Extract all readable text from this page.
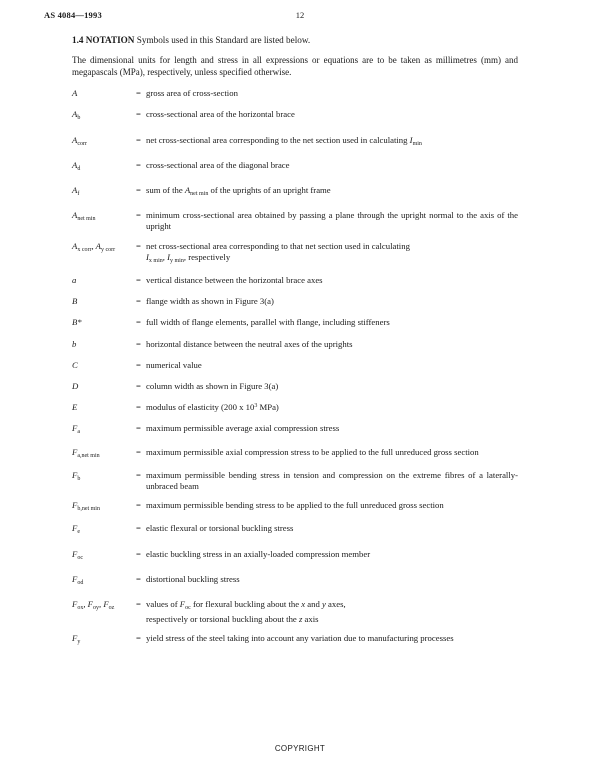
AS 4084—1993	12

1.4 NOTATION Symbols used in this Standard are listed below.

The dimensional units for length and stress in all expressions or equations are to be taken as millimetres (mm) and megapascals (MPa), respectively, unless specified otherwise.

A	= gross area of cross-section
$A_b$	= cross-sectional area of the horizontal brace
$A_{corr}$	= net cross-sectional area corresponding to the net section used in calculating $I_{min}$
$A_d$	= cross-sectional area of the diagonal brace
$A_f$	= sum of the $A_{net min}$ of the uprights of an upright frame
$A_{net min}$	= minimum cross-sectional area obtained by passing a plane through the upright normal to the axis of the upright
$A_{x corr}$, $A_{y corr}$	= net cross-sectional area corresponding to that net section used in calculating
$I_{x min}$, $I_{y min}$, respectively
a	= vertical distance between the horizontal brace axes
B	= flange width as shown in Figure 3(a)
B*	= full width of flange elements, parallel with flange, including stiffeners
b	= horizontal distance between the neutral axes of the uprights
C	= numerical value
D	= column width as shown in Figure 3(a)
E	= modulus of elasticity (200 x $10^3$ MPa)
$F_a$	= maximum permissible average axial compression stress
$F_{a,net min}$	= maximum permissible axial compression stress to be applied to the full unreduced gross section
$F_b$	= maximum permissible bending stress in tension and compression on the extreme fibres of a laterally-unbraced beam
$F_{b,net min}$	= maximum permissible bending stress to be applied to the full unreduced gross section
$F_e$	= elastic flexural or torsional buckling stress
$F_{oc}$	= elastic buckling stress in an axially-loaded compression member
$F_{od}$	= distortional buckling stress
$F_{ox}$, $F_{oy}$, $F_{oz}$	= values of $F_{oc}$ for flexural buckling about the x and y axes,
respectively or torsional buckling about the z axis
$F_y$	= yield stress of the steel taking into account any variation due to manufacturing processes
COPYRIGHT
